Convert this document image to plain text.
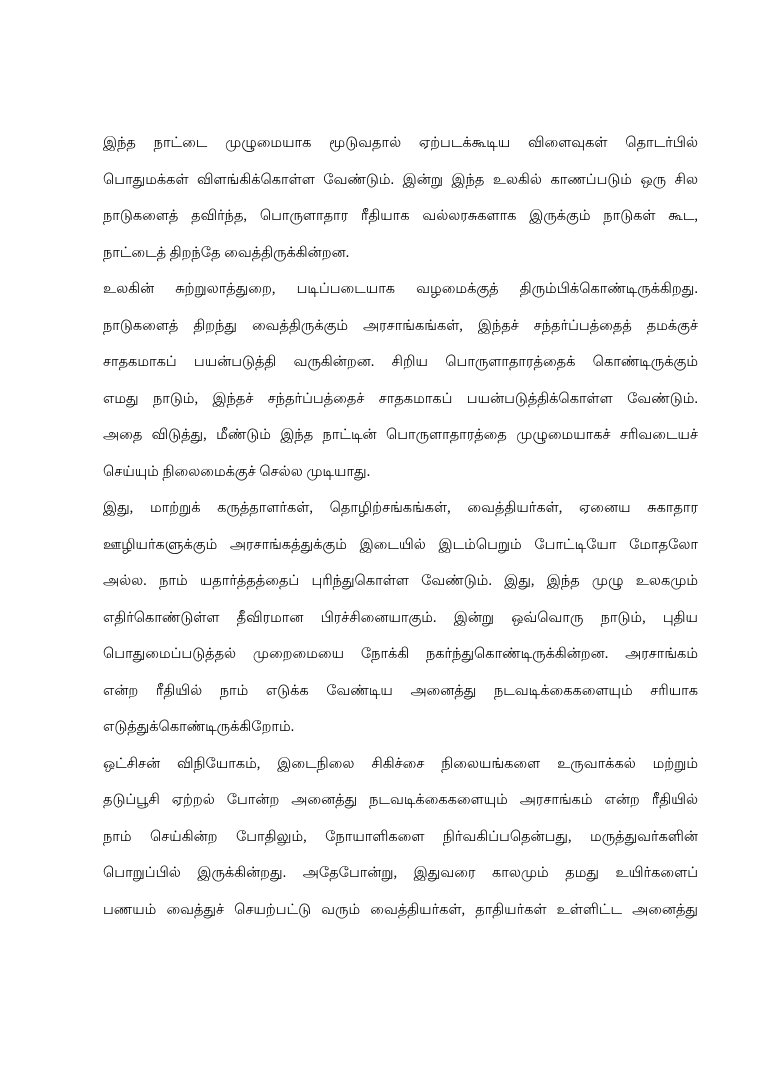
இந்த நாட்டை முழுமையாக மூடுவதால் ஏற்படக்கூடிய விளைவுகள் தொடர்பில்
பொதுமக்கள் விளங்கிக்கொள்ள வேண்டும். இன்று இந்த உலகில் காணப்படும் ஒரு சில
நாடுகளைத் தவிர்ந்த, பொருளாதார ரீதியாக வல்லரசுகளாக இருக்கும் நாடுகள் கூட,
நாட்டைத் திறந்தே வைத்திருக்கின்றன.
உலகின் சுற்றுலாத்துறை, படிப்படையாக வழமைக்குத் திரும்பிக்கொண்டிருக்கிறது.
நாடுகளைத் திறந்து வைத்திருக்கும் அரசாங்கங்கள், இந்தச் சந்தர்ப்பத்தைத் தமக்குச்
சாதகமாகப் பயன்படுத்தி வருகின்றன. சிறிய பொருளாதாரத்தைக் கொண்டிருக்கும்
எமது நாடும், இந்தச் சந்தர்ப்பத்தைச் சாதகமாகப் பயன்படுத்திக்கொள்ள வேண்டும்.
அதை விடுத்து, மீண்டும் இந்த நாட்டின் பொருளாதாரத்தை முழுமையாகச் சரிவடையச்
செய்யும் நிலைமைக்குச் செல்ல முடியாது.
இது, மாற்றுக் கருத்தாளர்கள், தொழிற்சங்கங்கள், வைத்தியர்கள், ஏனைய சுகாதார
ஊழியர்களுக்கும் அரசாங்கத்துக்கும் இடையில் இடம்பெறும் போட்டியோ மோதலோ
அல்ல. நாம் யதார்த்தத்தைப் புரிந்துகொள்ள வேண்டும். இது, இந்த முழு உலகமும்
எதிர்கொண்டுள்ள தீவிரமான பிரச்சினையாகும். இன்று ஒவ்வொரு நாடும், புதிய
பொதுமைப்படுத்தல் முறைமையை நோக்கி நகர்ந்துகொண்டிருக்கின்றன. அரசாங்கம்
என்ற ரீதியில் நாம் எடுக்க வேண்டிய அனைத்து நடவடிக்கைகளையும் சரியாக
எடுத்துக்கொண்டிருக்கிறோம்.
ஒட்சிசன் விநியோகம், இடைநிலை சிகிச்சை நிலையங்களை உருவாக்கல் மற்றும்
தடுப்பூசி ஏற்றல் போன்ற அனைத்து நடவடிக்கைகளையும் அரசாங்கம் என்ற ரீதியில்
நாம் செய்கின்ற போதிலும், நோயாளிகளை நிர்வகிப்பதென்பது, மருத்துவர்களின்
பொறுப்பில் இருக்கின்றது. அதேபோன்று, இதுவரை காலமும் தமது உயிர்களைப்
பணயம் வைத்துச் செயற்பட்டு வரும் வைத்தியர்கள், தாதியர்கள் உள்ளிட்ட அனைத்து
